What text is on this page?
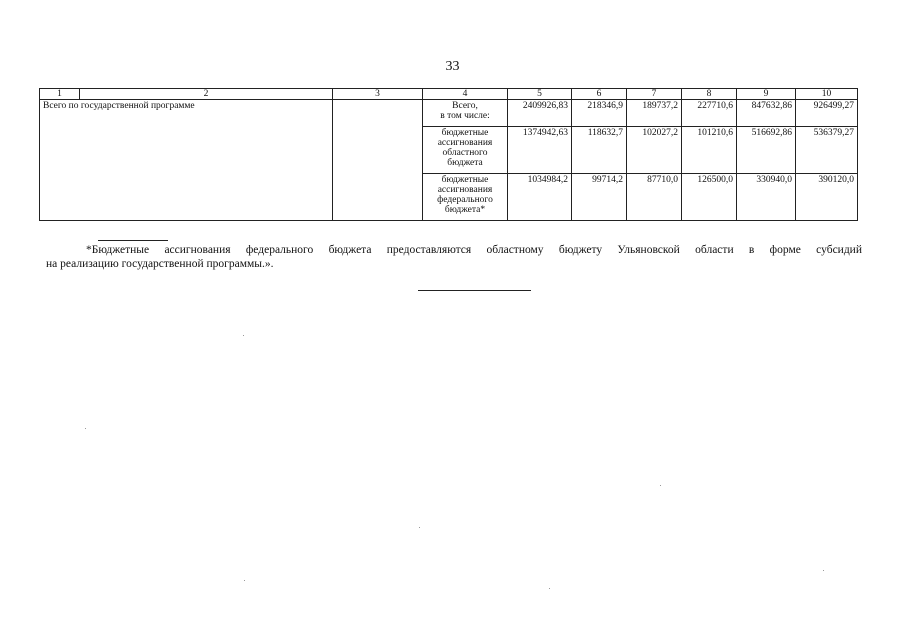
33
1	2	3	4	5	6	7	8	9	10
Всего по государственной программе			Всего,
в том числе:	2409926,83	218346,9	189737,2	227710,6	847632,86	926499,27
			бюджетные
ассигнования
областного
бюджета	1374942,63	118632,7	102027,2	101210,6	516692,86	536379,27
			бюджетные
ассигнования
федерального
бюджета*	1034984,2	99714,2	87710,0	126500,0	330940,0	390120,0
*Бюджетные ассигнования федерального бюджета предоставляются областному бюджету Ульяновской области в форме субсидий
на реализацию государственной программы.».
